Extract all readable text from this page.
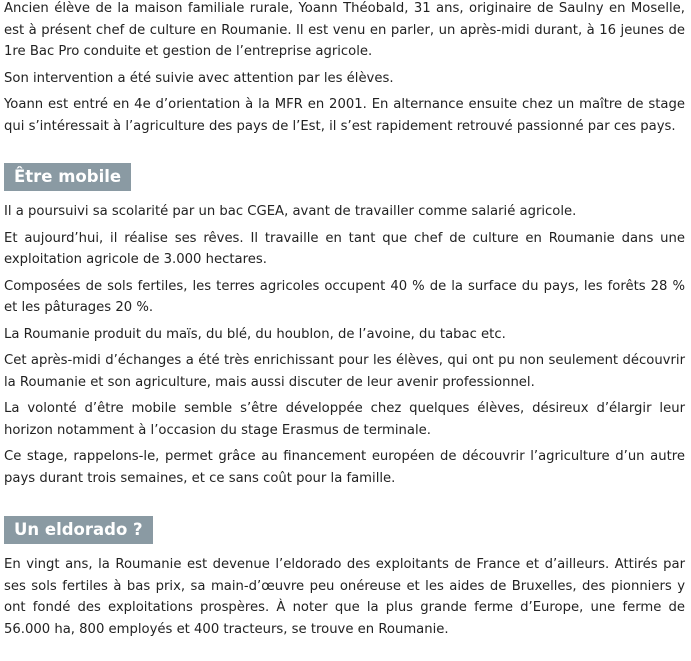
Ancien élève de la maison familiale rurale, Yoann Théobald, 31 ans, originaire de Saulny en Moselle, est à présent chef de culture en Roumanie. Il est venu en parler, un après-midi durant, à 16 jeunes de 1re Bac Pro conduite et gestion de l’entreprise agricole.

Son intervention a été suivie avec attention par les élèves.

Yoann est entré en 4e d’orientation à la MFR en 2001. En alternance ensuite chez un maître de stage qui s’intéressait à l’agriculture des pays de l’Est, il s’est rapidement retrouvé passionné par ces pays.

Être mobile

Il a poursuivi sa scolarité par un bac CGEA, avant de travailler comme salarié agricole.

Et aujourd’hui, il réalise ses rêves. Il travaille en tant que chef de culture en Roumanie dans une exploitation agricole de 3.000 hectares.

Composées de sols fertiles, les terres agricoles occupent 40 % de la surface du pays, les forêts 28 % et les pâturages 20 %.

La Roumanie produit du maïs, du blé, du houblon, de l’avoine, du tabac etc.

Cet après-midi d’échanges a été très enrichissant pour les élèves, qui ont pu non seulement découvrir la Roumanie et son agriculture, mais aussi discuter de leur avenir professionnel.

La volonté d’être mobile semble s’être développée chez quelques élèves, désireux d’élargir leur horizon notamment à l’occasion du stage Erasmus de terminale.

Ce stage, rappelons-le, permet grâce au financement européen de découvrir l’agriculture d’un autre pays durant trois semaines, et ce sans coût pour la famille.

Un eldorado ?

En vingt ans, la Roumanie est devenue l’eldorado des exploitants de France et d’ailleurs. Attirés par ses sols fertiles à bas prix, sa main-d’œuvre peu onéreuse et les aides de Bruxelles, des pionniers y ont fondé des exploitations prospères. À noter que la plus grande ferme d’Europe, une ferme de 56.000 ha, 800 employés et 400 tracteurs, se trouve en Roumanie.
